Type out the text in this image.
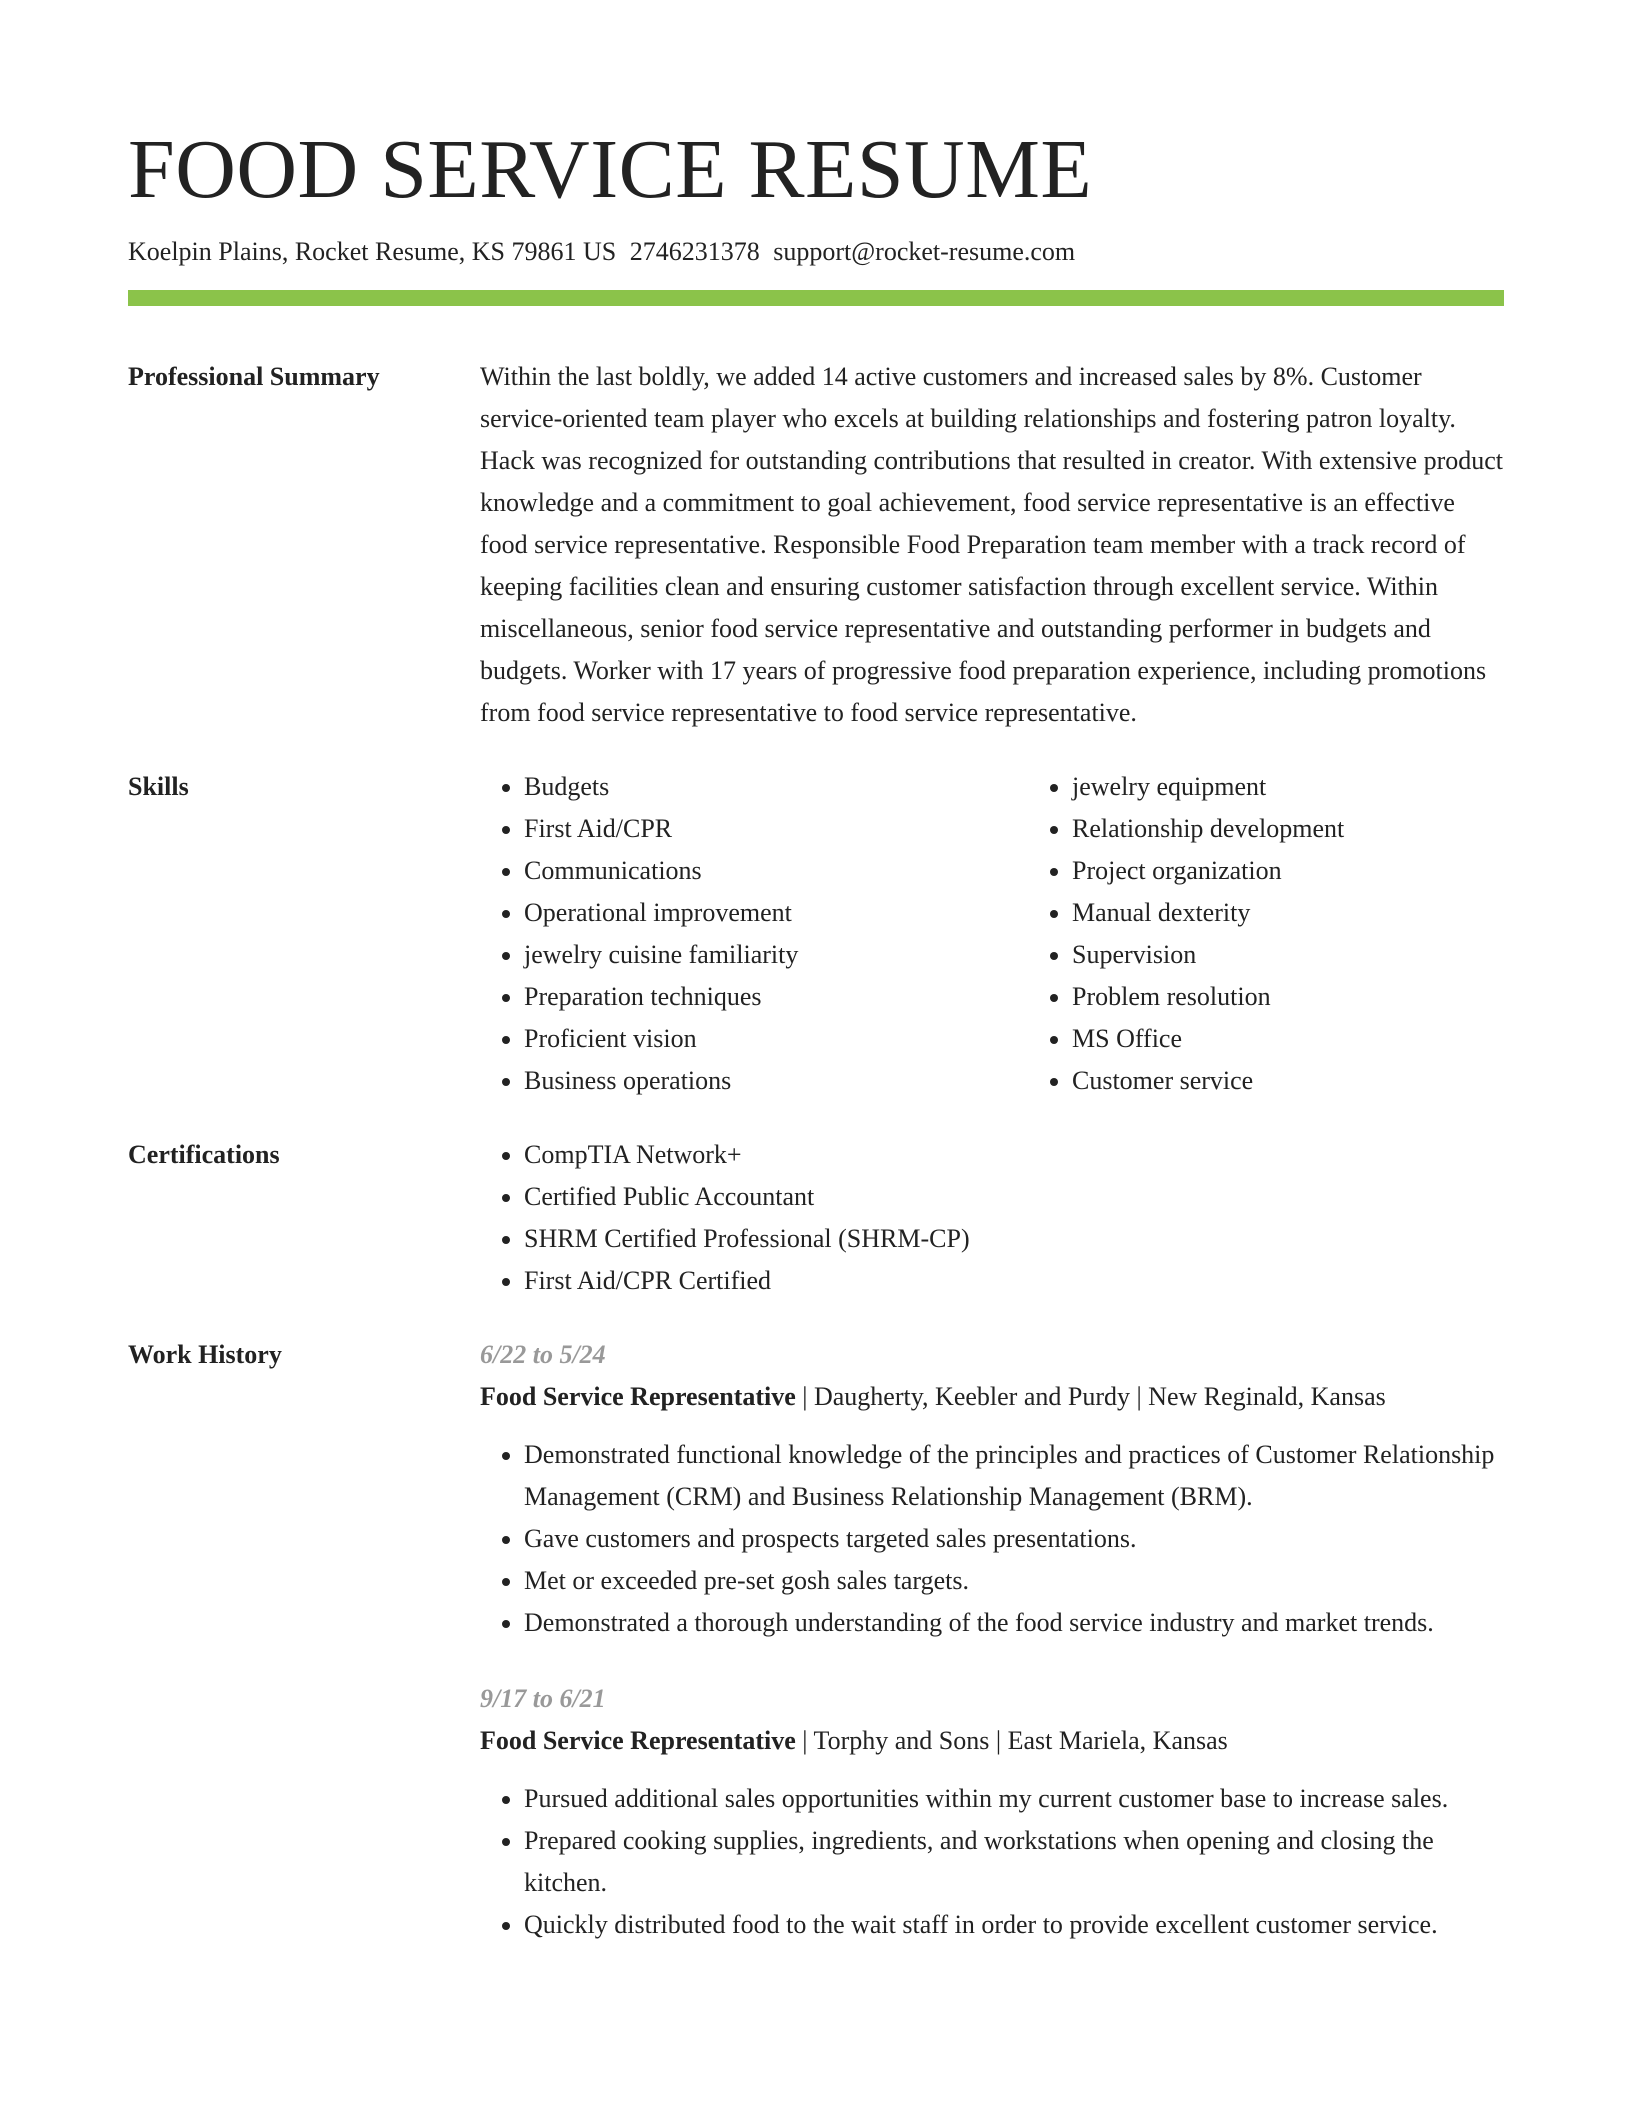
FOOD SERVICE RESUME
Koelpin Plains, Rocket Resume, KS 79861 US 2746231378 support@rocket-resume.com
Professional Summary	Within the last boldly, we added 14 active customers and increased sales by 8%. Customer service-oriented team player who excels at building relationships and fostering patron loyalty. Hack was recognized for outstanding contributions that resulted in creator. With extensive product knowledge and a commitment to goal achievement, food service representative is an effective food service representative. Responsible Food Preparation team member with a track record of keeping facilities clean and ensuring customer satisfaction through excellent service. Within miscellaneous, senior food service representative and outstanding performer in budgets and budgets. Worker with 17 years of progressive food preparation experience, including promotions from food service representative to food service representative.

Skills	• Budgets
• First Aid/CPR
• Communications
• Operational improvement
• jewelry cuisine familiarity
• Preparation techniques
• Proficient vision
• Business operations
• jewelry equipment
• Relationship development
• Project organization
• Manual dexterity
• Supervision
• Problem resolution
• MS Office
• Customer service
Certifications	• CompTIA Network+
• Certified Public Accountant
• SHRM Certified Professional (SHRM-CP)
• First Aid/CPR Certified
Work History	6/22 to 5/24
Food Service Representative | Daugherty, Keebler and Purdy | New Reginald, Kansas
• Demonstrated functional knowledge of the principles and practices of Customer Relationship Management (CRM) and Business Relationship Management (BRM).
• Gave customers and prospects targeted sales presentations.
• Met or exceeded pre-set gosh sales targets.
• Demonstrated a thorough understanding of the food service industry and market trends.
9/17 to 6/21
Food Service Representative | Torphy and Sons | East Mariela, Kansas
• Pursued additional sales opportunities within my current customer base to increase sales.
• Prepared cooking supplies, ingredients, and workstations when opening and closing the kitchen.
• Quickly distributed food to the wait staff in order to provide excellent customer service.
